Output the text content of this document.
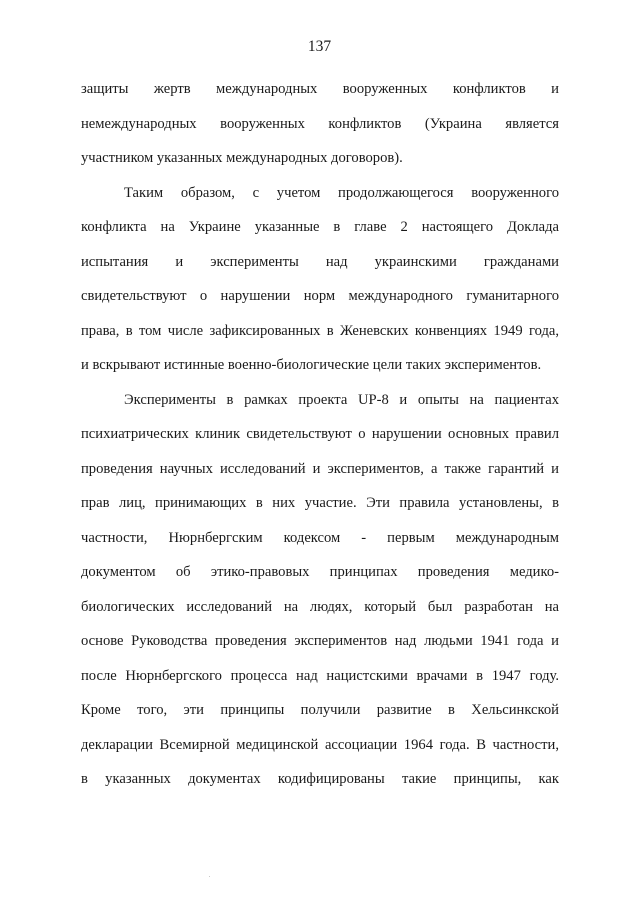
137
защиты жертв международных вооруженных конфликтов и
немеждународных вооруженных конфликтов (Украина является
участником указанных международных договоров).
Таким образом, с учетом продолжающегося вооруженного
конфликта на Украине указанные в главе 2 настоящего Доклада
испытания и эксперименты над украинскими гражданами
свидетельствуют о нарушении норм международного гуманитарного
права, в том числе зафиксированных в Женевских конвенциях 1949 года,
и вскрывают истинные военно-биологические цели таких экспериментов.
Эксперименты в рамках проекта UP-8 и опыты на пациентах
психиатрических клиник свидетельствуют о нарушении основных правил
проведения научных исследований и экспериментов, а также гарантий и
прав лиц, принимающих в них участие. Эти правила установлены, в
частности, Нюрнбергским кодексом - первым международным
документом об этико-правовых принципах проведения медико-
биологических исследований на людях, который был разработан на
основе Руководства проведения экспериментов над людьми 1941 года и
после Нюрнбергского процесса над нацистскими врачами в 1947 году.
Кроме того, эти принципы получили развитие в Хельсинкской
декларации Всемирной медицинской ассоциации 1964 года. В частности,
в указанных документах кодифицированы такие принципы, как
